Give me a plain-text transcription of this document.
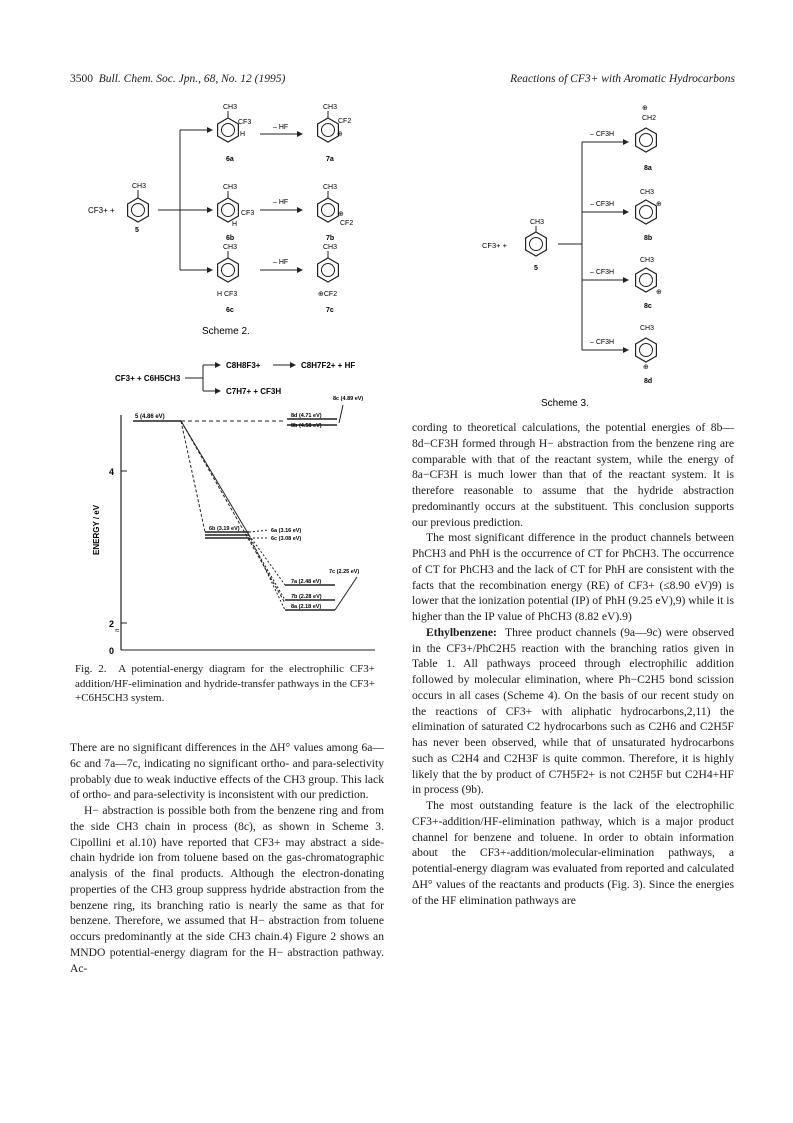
3500 Bull. Chem. Soc. Jpn., 68, No. 12 (1995)	Reactions of CF3+ with Aromatic Hydrocarbons
CF3+ +
CH3
5
CH3
CF3
H
6a
– HF
CH3
CF2
⊕
7a
CH3
CF3
H
6b
– HF
CH3
⊕
CF2
7b
CH3
H CF3
6c
– HF
CH3
⊕CF2
7c
Scheme 2.
CF3+ +
CH3
5
– CF3H
– CF3H
– CF3H
– CF3H
⊕
CH2
8a
CH3
⊕
8b
CH3
⊕
8c
CH3
⊕
8d
Scheme 3.
CF3+ + C6H5CH3
C8H8F3+	C8H7F2+ + HF
C7H7+ + CF3H
4
2
0
≈
ENERGY / eV
5 (4.86 eV)
8c (4.89 eV)
8d (4.71 eV)
8b (4.58 eV)
6b (3.19 eV)	6a (3.16 eV)
6c (3.08 eV)
7a (2.48 eV)
7b (2.28 eV)
8a (2.18 eV)
7c (2.25 eV)
Fig. 2. A potential-energy diagram for the electrophilic CF3+ addition/HF-elimination and hydride-transfer pathways in the CF3+ +C6H5CH3 system.

There are no significant differences in the ΔH° values among 6a—6c and 7a—7c, indicating no significant ortho- and para-selectivity probably due to weak inductive effects of the CH3 group. This lack of ortho- and para-selectivity is inconsistent with our prediction.

H− abstraction is possible both from the benzene ring and from the side CH3 chain in process (8c), as shown in Scheme 3. Cipollini et al.10) have reported that CF3+ may abstract a side-chain hydride ion from toluene based on the gas-chromatographic analysis of the final products. Although the electron-donating properties of the CH3 group suppress hydride abstraction from the benzene ring, its branching ratio is nearly the same as that for benzene. Therefore, we assumed that H− abstraction from toluene occurs predominantly at the side CH3 chain.4) Figure 2 shows an MNDO potential-energy diagram for the H− abstraction pathway. Ac-

cording to theoretical calculations, the potential energies of 8b—8d−CF3H formed through H− abstraction from the benzene ring are comparable with that of the reactant system, while the energy of 8a−CF3H is much lower than that of the reactant system. It is therefore reasonable to assume that the hydride abstraction predominantly occurs at the substituent. This conclusion supports our previous prediction.

The most significant difference in the product channels between PhCH3 and PhH is the occurrence of CT for PhCH3. The occurrence of CT for PhCH3 and the lack of CT for PhH are consistent with the facts that the recombination energy (RE) of CF3+ (≤8.90 eV)9) is lower that the ionization potential (IP) of PhH (9.25 eV),9) while it is higher than the IP value of PhCH3 (8.82 eV).9)

Ethylbenzene: Three product channels (9a—9c) were observed in the CF3+/PhC2H5 reaction with the branching ratios given in Table 1. All pathways proceed through electrophilic addition followed by molecular elimination, where Ph−C2H5 bond scission occurs in all cases (Scheme 4). On the basis of our recent study on the reactions of CF3+ with aliphatic hydrocarbons,2,11) the elimination of saturated C2 hydrocarbons such as C2H6 and C2H5F has never been observed, while that of unsaturated hydrocarbons such as C2H4 and C2H3F is quite common. Therefore, it is highly likely that the by product of C7H5F2+ is not C2H5F but C2H4+HF in process (9b).

The most outstanding feature is the lack of the electrophilic CF3+-addition/HF-elimination pathway, which is a major product channel for benzene and toluene. In order to obtain information about the CF3+-addition/molecular-elimination pathways, a potential-energy diagram was evaluated from reported and calculated ΔH° values of the reactants and products (Fig. 3). Since the energies of the HF elimination pathways are
